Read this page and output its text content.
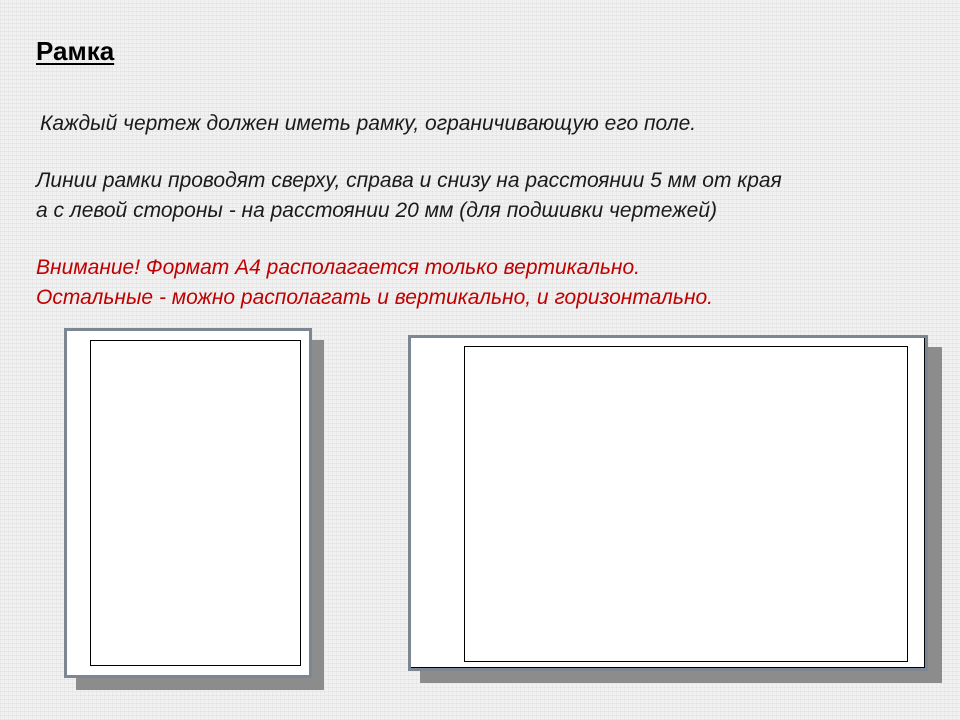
Рамка

Каждый чертеж должен иметь рамку, ограничивающую его поле.

Линии рамки проводят сверху, справа и снизу на расстоянии 5 мм от края

а с левой стороны - на расстоянии 20 мм (для подшивки чертежей)

Внимание! Формат А4 располагается только вертикально.

Остальные - можно располагать и вертикально, и горизонтально.
